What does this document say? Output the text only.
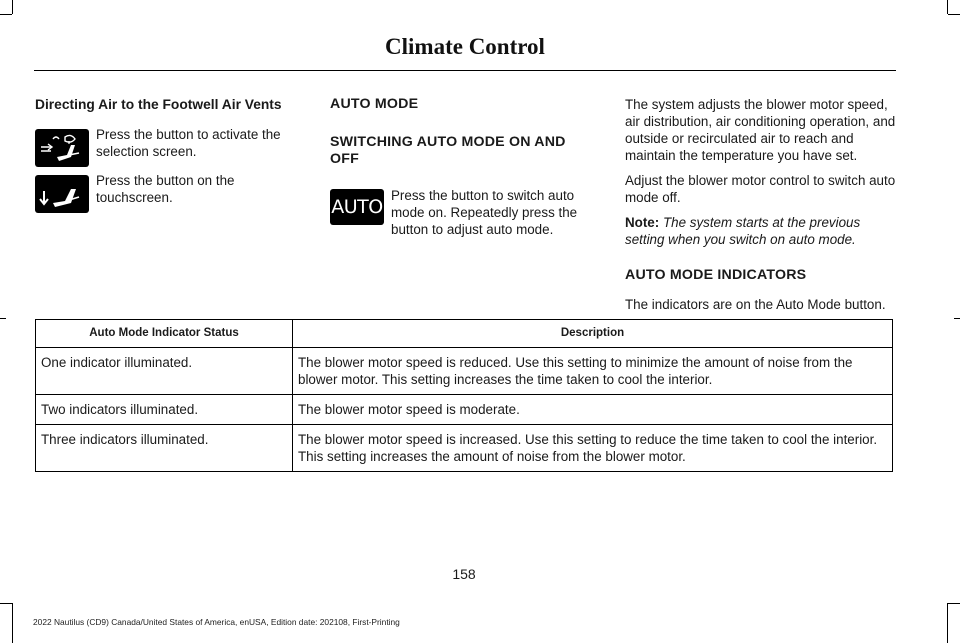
Climate Control

Directing Air to the Footwell Air Vents

Press the button to activate the selection screen.

Press the button on the touchscreen.

AUTO MODE

SWITCHING AUTO MODE ON AND OFF

AUTO Press the button to switch auto mode on. Repeatedly press the button to adjust auto mode.

The system adjusts the blower motor speed, air distribution, air conditioning operation, and outside or recirculated air to reach and maintain the temperature you have set.

Adjust the blower motor control to switch auto mode off.

Note: The system starts at the previous setting when you switch on auto mode.

AUTO MODE INDICATORS

The indicators are on the Auto Mode button.

Auto Mode Indicator Status	Description
One indicator illuminated.	The blower motor speed is reduced. Use this setting to minimize the amount of noise from the blower motor. This setting increases the time taken to cool the interior.
Two indicators illuminated.	The blower motor speed is moderate.
Three indicators illuminated.	The blower motor speed is increased. Use this setting to reduce the time taken to cool the interior. This setting increases the amount of noise from the blower motor.
158
2022 Nautilus (CD9) Canada/United States of America, enUSA, Edition date: 202108, First-Printing
